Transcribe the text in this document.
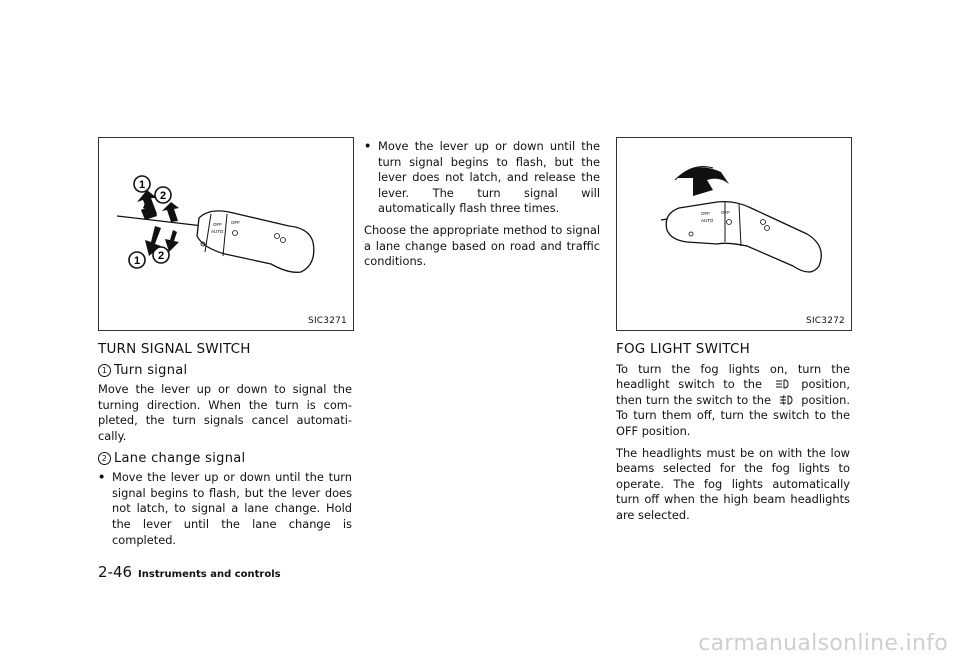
1
2
1 2
OFF OFF
AUTO
SIC3271
OFF OFF
AUTO
SIC3272
TURN SIGNAL SWITCH
1 Turn signal

Move the lever up or down to signal the turning direction. When the turn is com- pleted, the turn signals cancel automati- cally.

2 Lane change signal
• Move the lever up or down until the turn signal begins to flash, but the lever does not latch, to signal a lane change. Hold the lever until the lane change is completed.
• Move the lever up or down until the turn signal begins to flash, but the lever does not latch, and release the lever. The turn signal will automatically flash three times.

Choose the appropriate method to signal a lane change based on road and traffic conditions.

FOG LIGHT SWITCH

To turn the fog lights on, turn the headlight switch to the	position, then turn the switch to the	position. To turn them off, turn the switch to the OFF position.

The headlights must be on with the low beams selected for the fog lights to operate. The fog lights automatically turn off when the high beam headlights are selected.

2-46 Instruments and controls
carmanualsonline.info
